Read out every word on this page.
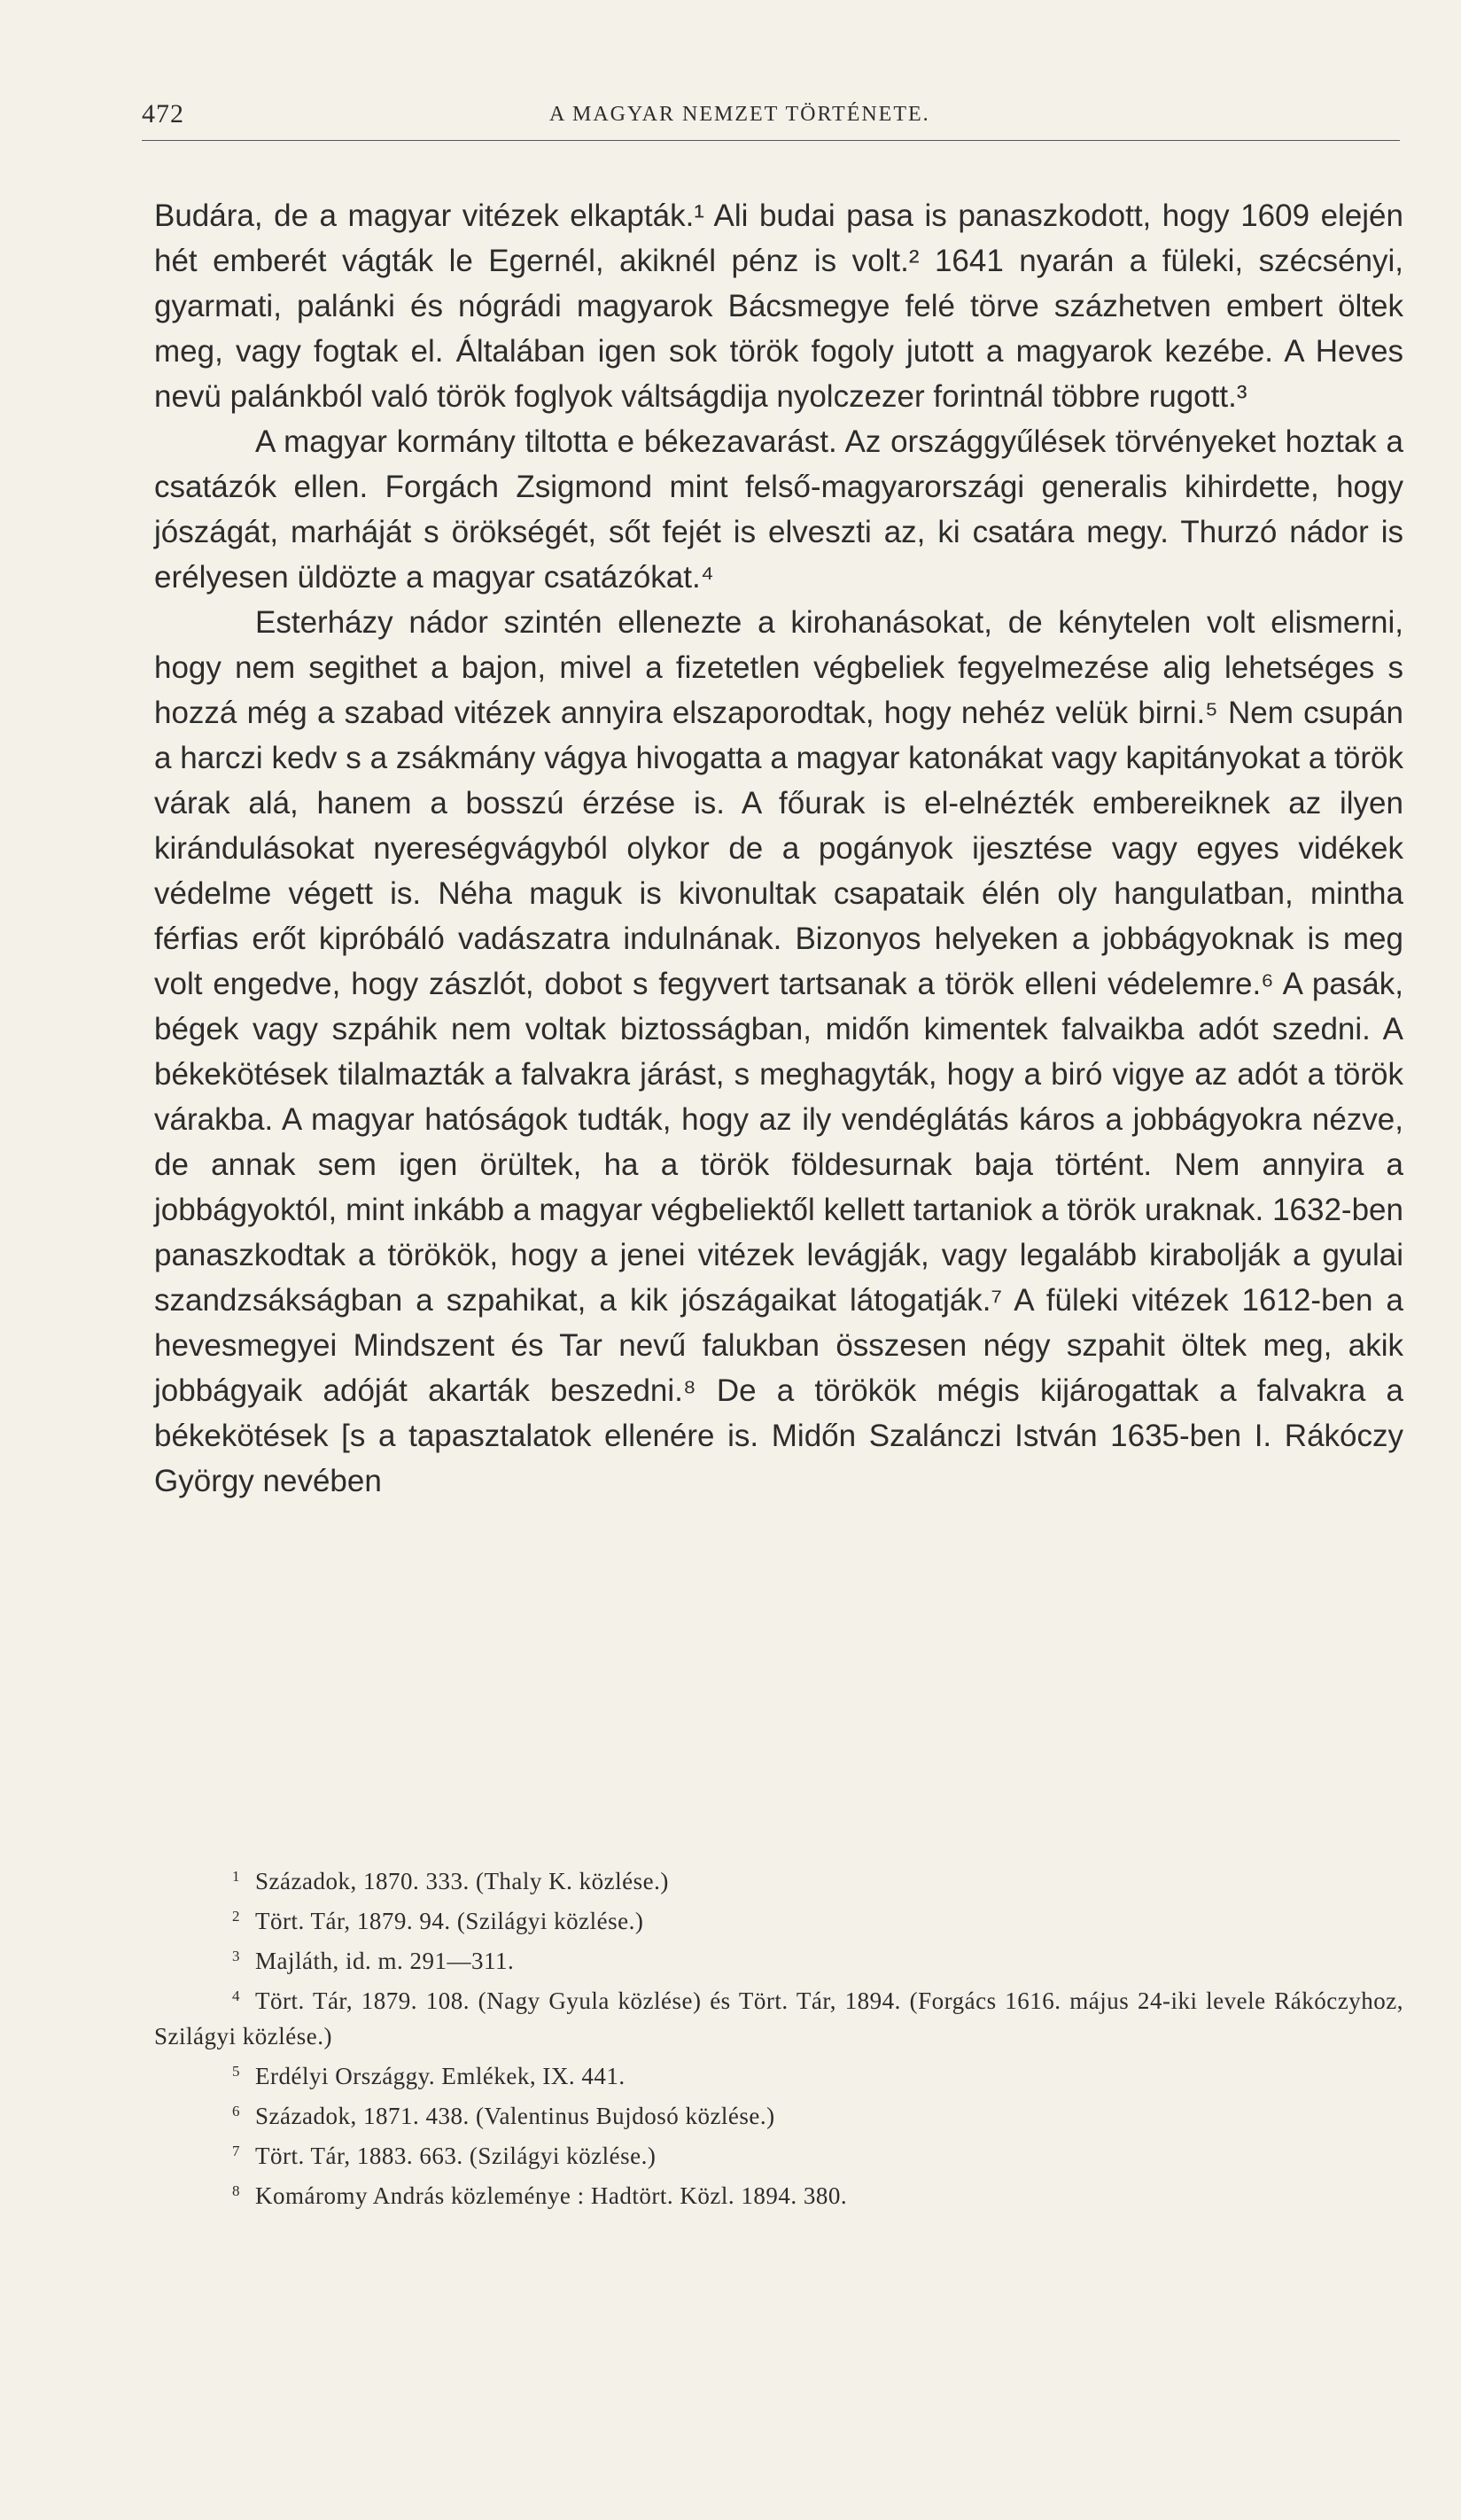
472	A MAGYAR NEMZET TÖRTÉNETE.

Budára, de a magyar vitézek elkapták.¹ Ali budai pasa is panaszkodott, hogy 1609 elején hét emberét vágták le Egernél, akiknél pénz is volt.² 1641 nyarán a füleki, szécsényi, gyarmati, palánki és nógrádi magyarok Bácsmegye felé törve százhetven embert öltek meg, vagy fogtak el. Általában igen sok török fogoly jutott a magyarok kezébe. A Heves nevü palánkból való török foglyok váltságdija nyolczezer forintnál többre rugott.³

A magyar kormány tiltotta e békezavarást. Az országgyűlések törvényeket hoztak a csatázók ellen. Forgách Zsigmond mint felső-magyarországi generalis kihirdette, hogy jószágát, marháját s örökségét, sőt fejét is elveszti az, ki csatára megy. Thurzó nádor is erélyesen üldözte a magyar csatázókat.⁴

Esterházy nádor szintén ellenezte a kirohanásokat, de kénytelen volt elismerni, hogy nem segithet a bajon, mivel a fizetetlen végbeliek fegyelmezése alig lehetséges s hozzá még a szabad vitézek annyira elszaporodtak, hogy nehéz velük birni.⁵ Nem csupán a harczi kedv s a zsákmány vágya hivogatta a magyar katonákat vagy kapitányokat a török várak alá, hanem a bosszú érzése is. A főurak is el-elnézték embereiknek az ilyen kirándulásokat nyereségvágyból olykor de a pogányok ijesztése vagy egyes vidékek védelme végett is. Néha maguk is kivonultak csapataik élén oly hangulatban, mintha férfias erőt kipróbáló vadászatra indulnának. Bizonyos helyeken a jobbágyoknak is meg volt engedve, hogy zászlót, dobot s fegyvert tartsanak a török elleni védelemre.⁶ A pasák, bégek vagy szpáhik nem voltak biztosságban, midőn kimentek falvaikba adót szedni. A békekötések tilalmazták a falvakra járást, s meghagyták, hogy a biró vigye az adót a török várakba. A magyar hatóságok tudták, hogy az ily vendéglátás káros a jobbágyokra nézve, de annak sem igen örültek, ha a török földesurnak baja történt. Nem annyira a jobbágyoktól, mint inkább a magyar végbeliektől kellett tartaniok a török uraknak. 1632-ben panaszkodtak a törökök, hogy a jenei vitézek levágják, vagy legalább kirabolják a gyulai szandzsákságban a szpahikat, a kik jószágaikat látogatják.⁷ A füleki vitézek 1612-ben a hevesmegyei Mindszent és Tar nevű falukban összesen négy szpahit öltek meg, akik jobbágyaik adóját akarták beszedni.⁸ De a törökök mégis kijárogattak a falvakra a békekötések [s a tapasztalatok ellenére is. Midőn Szalánczi István 1635-ben I. Rákóczy György nevében

1 Századok, 1870. 333. (Thaly K. közlése.)

2 Tört. Tár, 1879. 94. (Szilágyi közlése.)

3 Majláth, id. m. 291—311.

4 Tört. Tár, 1879. 108. (Nagy Gyula közlése) és Tört. Tár, 1894. (Forgács 1616. május 24-iki levele Rákóczyhoz, Szilágyi közlése.)

5 Erdélyi Országgy. Emlékek, IX. 441.

6 Századok, 1871. 438. (Valentinus Bujdosó közlése.)

7 Tört. Tár, 1883. 663. (Szilágyi közlése.)

8 Komáromy András közleménye : Hadtört. Közl. 1894. 380.
